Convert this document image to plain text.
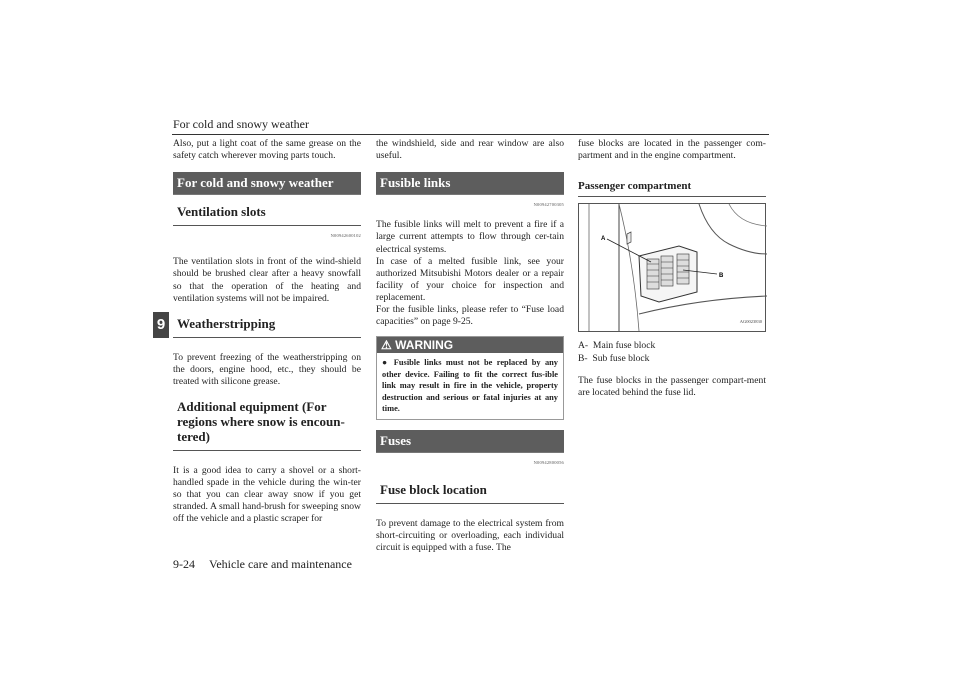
For cold and snowy weather
9

Also, put a light coat of the same grease on the safety catch wherever moving parts touch.

For cold and snowy weather
Ventilation slots
N00942600102

The ventilation slots in front of the wind-shield should be brushed clear after a heavy snowfall so that the operation of the heating and ventilation systems will not be impaired.

Weatherstripping

To prevent freezing of the weatherstripping on the doors, engine hood, etc., they should be treated with silicone grease.

Additional equipment (For regions where snow is encoun-tered)

It is a good idea to carry a shovel or a short-handled spade in the vehicle during the win-ter so that you can clear away snow if you get stranded. A small hand-brush for sweeping snow off the vehicle and a plastic scraper for

the windshield, side and rear window are also useful.

Fusible links
N00942700305

The fusible links will melt to prevent a fire if a large current attempts to flow through cer-tain electrical systems.

In case of a melted fusible link, see your authorized Mitsubishi Motors dealer or a repair facility of your choice for inspection and replacement.

For the fusible links, please refer to “Fuse load capacities” on page 9-25.

⚠ WARNING
● Fusible links must not be replaced by any other device. Failing to fit the correct fus-ible link may result in fire in the vehicle, property destruction and serious or fatal injuries at any time.
Fuses
N00942800056
Fuse block location

To prevent damage to the electrical system from short-circuiting or overloading, each individual circuit is equipped with a fuse. The

fuse blocks are located in the passenger com-partment and in the engine compartment.

Passenger compartment
A
B
AG0023830
A- Main fuse block
B- Sub fuse block

The fuse blocks in the passenger compart-ment are located behind the fuse lid.

9-24 Vehicle care and maintenance
